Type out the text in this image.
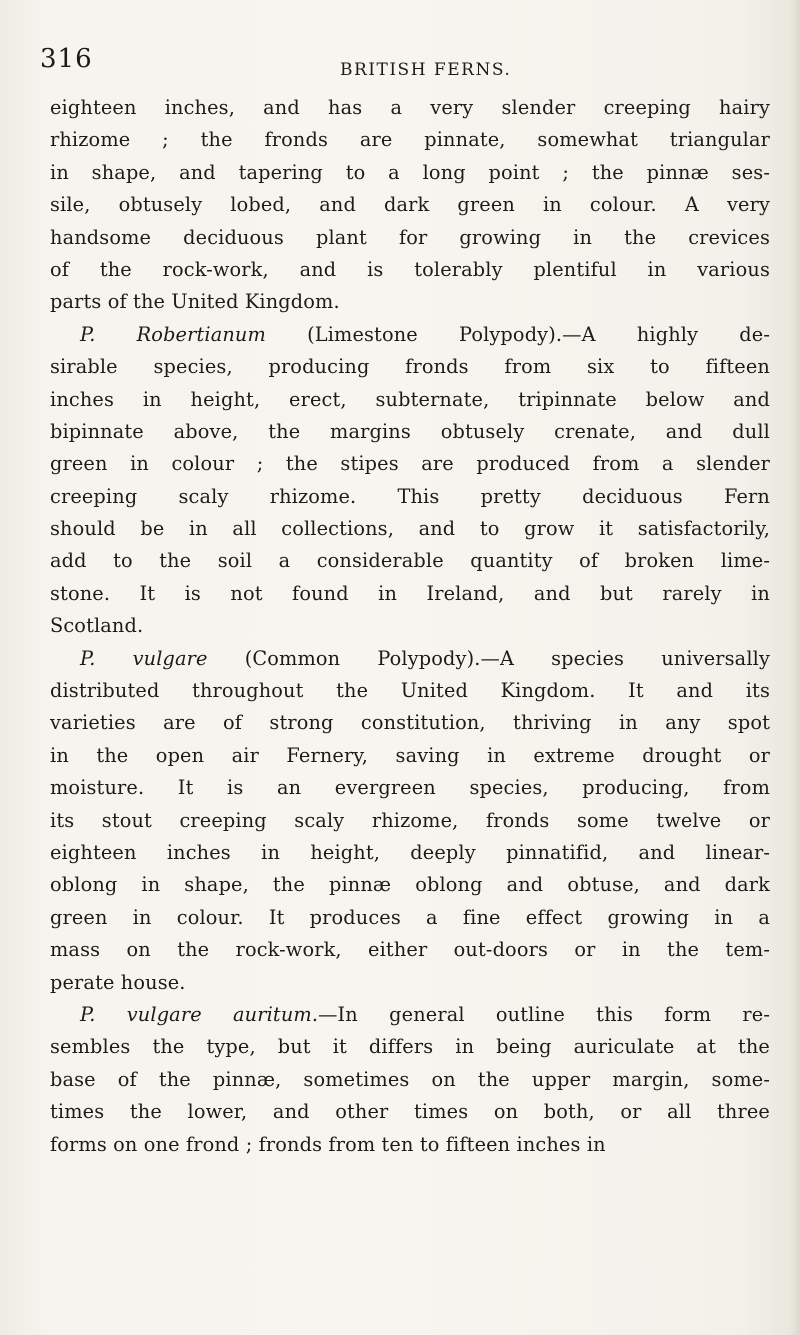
316	BRITISH FERNS.
eighteen inches, and has a very slender creeping hairy
rhizome ; the fronds are pinnate, somewhat triangular
in shape, and tapering to a long point ; the pinnæ ses-
sile, obtusely lobed, and dark green in colour. A very
handsome deciduous plant for growing in the crevices
of the rock-work, and is tolerably plentiful in various
parts of the United Kingdom.
P. Robertianum (Limestone Polypody).—A highly de-
sirable species, producing fronds from six to fifteen
inches in height, erect, subternate, tripinnate below and
bipinnate above, the margins obtusely crenate, and dull
green in colour ; the stipes are produced from a slender
creeping scaly rhizome. This pretty deciduous Fern
should be in all collections, and to grow it satisfactorily,
add to the soil a considerable quantity of broken lime-
stone. It is not found in Ireland, and but rarely in
Scotland.
P. vulgare (Common Polypody).—A species universally
distributed throughout the United Kingdom. It and its
varieties are of strong constitution, thriving in any spot
in the open air Fernery, saving in extreme drought or
moisture. It is an evergreen species, producing, from
its stout creeping scaly rhizome, fronds some twelve or
eighteen inches in height, deeply pinnatifid, and linear-
oblong in shape, the pinnæ oblong and obtuse, and dark
green in colour. It produces a fine effect growing in a
mass on the rock-work, either out-doors or in the tem-
perate house.
P. vulgare auritum.—In general outline this form re-
sembles the type, but it differs in being auriculate at the
base of the pinnæ, sometimes on the upper margin, some-
times the lower, and other times on both, or all three
forms on one frond ; fronds from ten to fifteen inches in
